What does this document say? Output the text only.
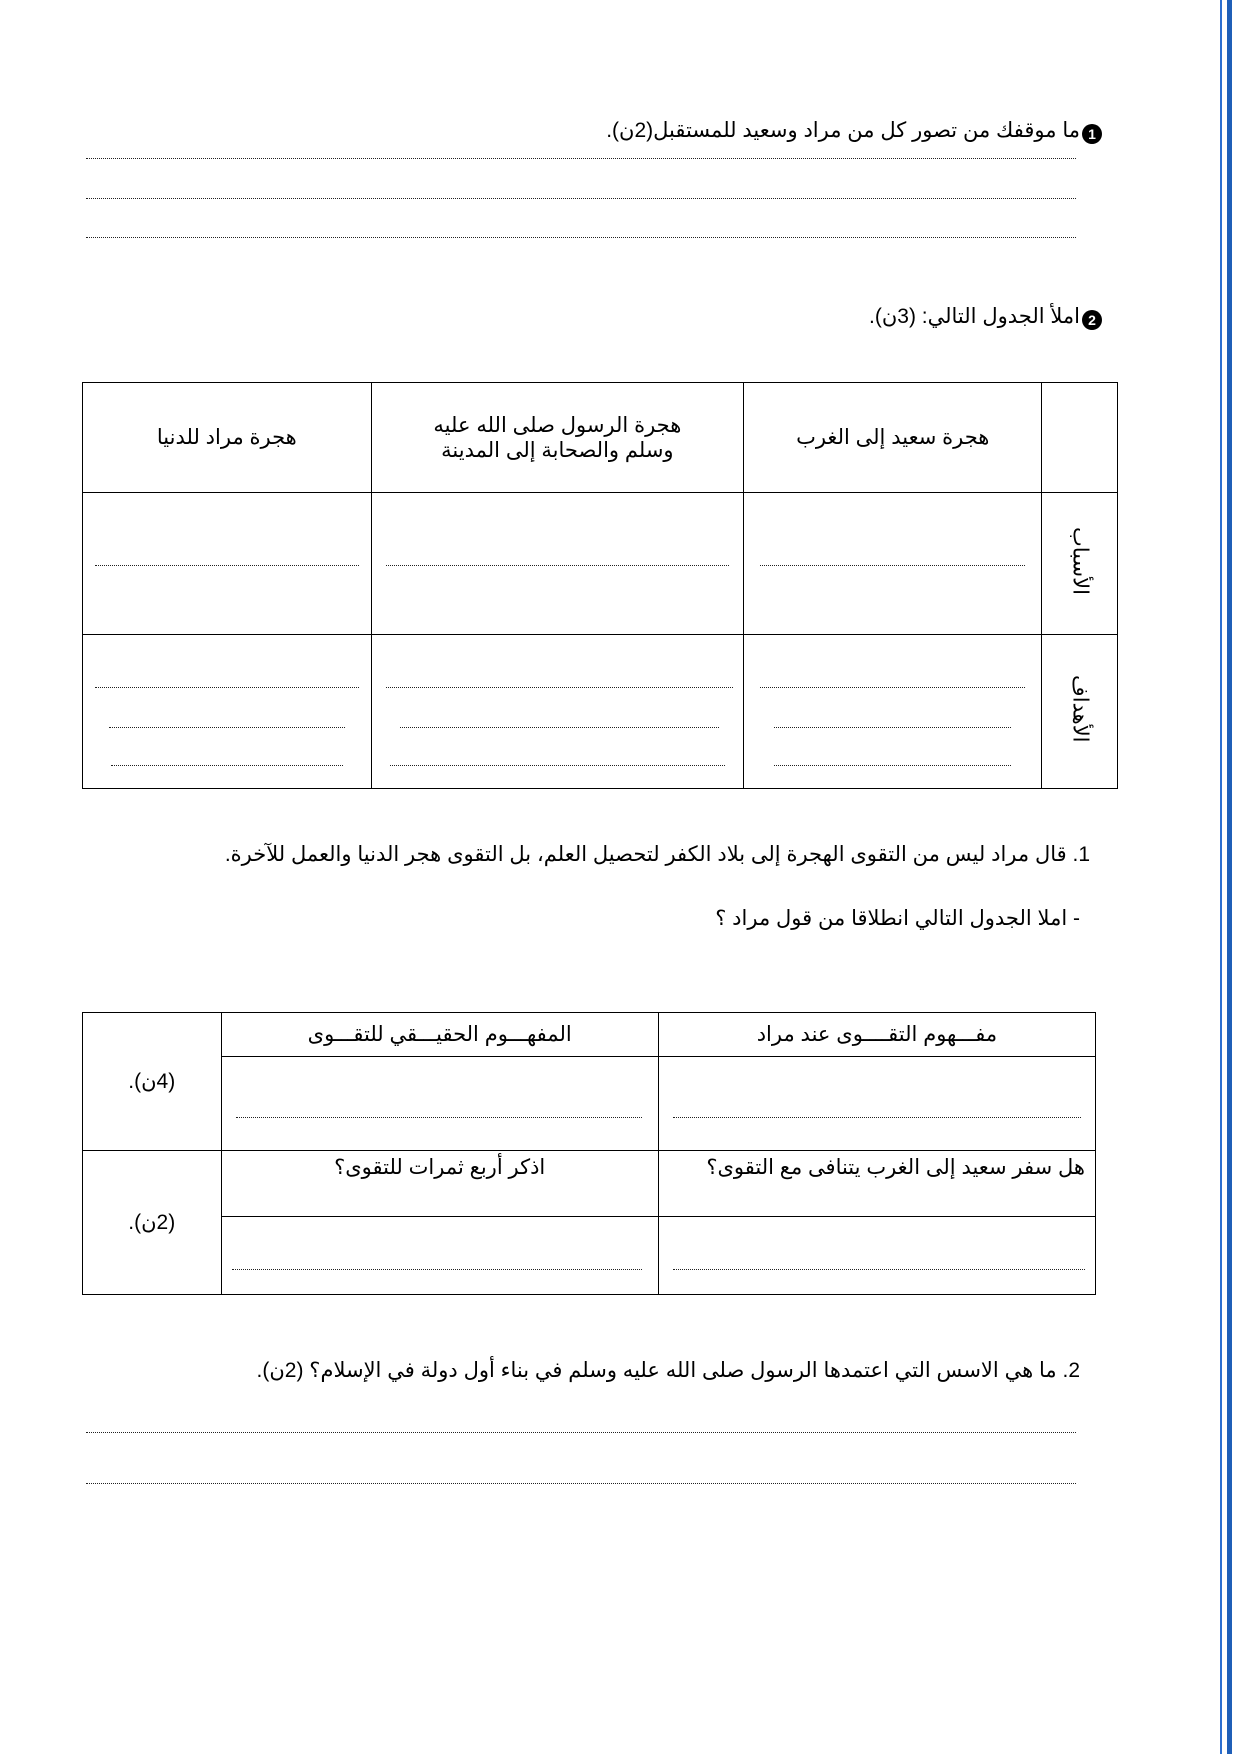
1ما موقفك من تصور كل من مراد وسعيد للمستقبل(2ن).
2املأ الجدول التالي: (3ن).
	هجرة سعيد إلى الغرب	هجرة الرسول صلى الله عليه وسلم والصحابة إلى المدينة	هجرة مراد للدنيا
الأسباب	

الأهداف	

1. قال مراد ليس من التقوى الهجرة إلى بلاد الكفر لتحصيل العلم، بل التقوى هجر الدنيا والعمل للآخرة.
- املا الجدول التالي انطلاقا من قول مراد ؟
مفـــهوم التقــــوى عند مراد	المفهـــوم الحقيـــقي للتقـــوى	(4ن).

هل سفر سعيد إلى الغرب يتنافى مع التقوى؟	اذكر أربع ثمرات للتقوى؟	(2ن).

2. ما هي الاسس التي اعتمدها الرسول صلى الله عليه وسلم في بناء أول دولة في الإسلام؟ (2ن).
